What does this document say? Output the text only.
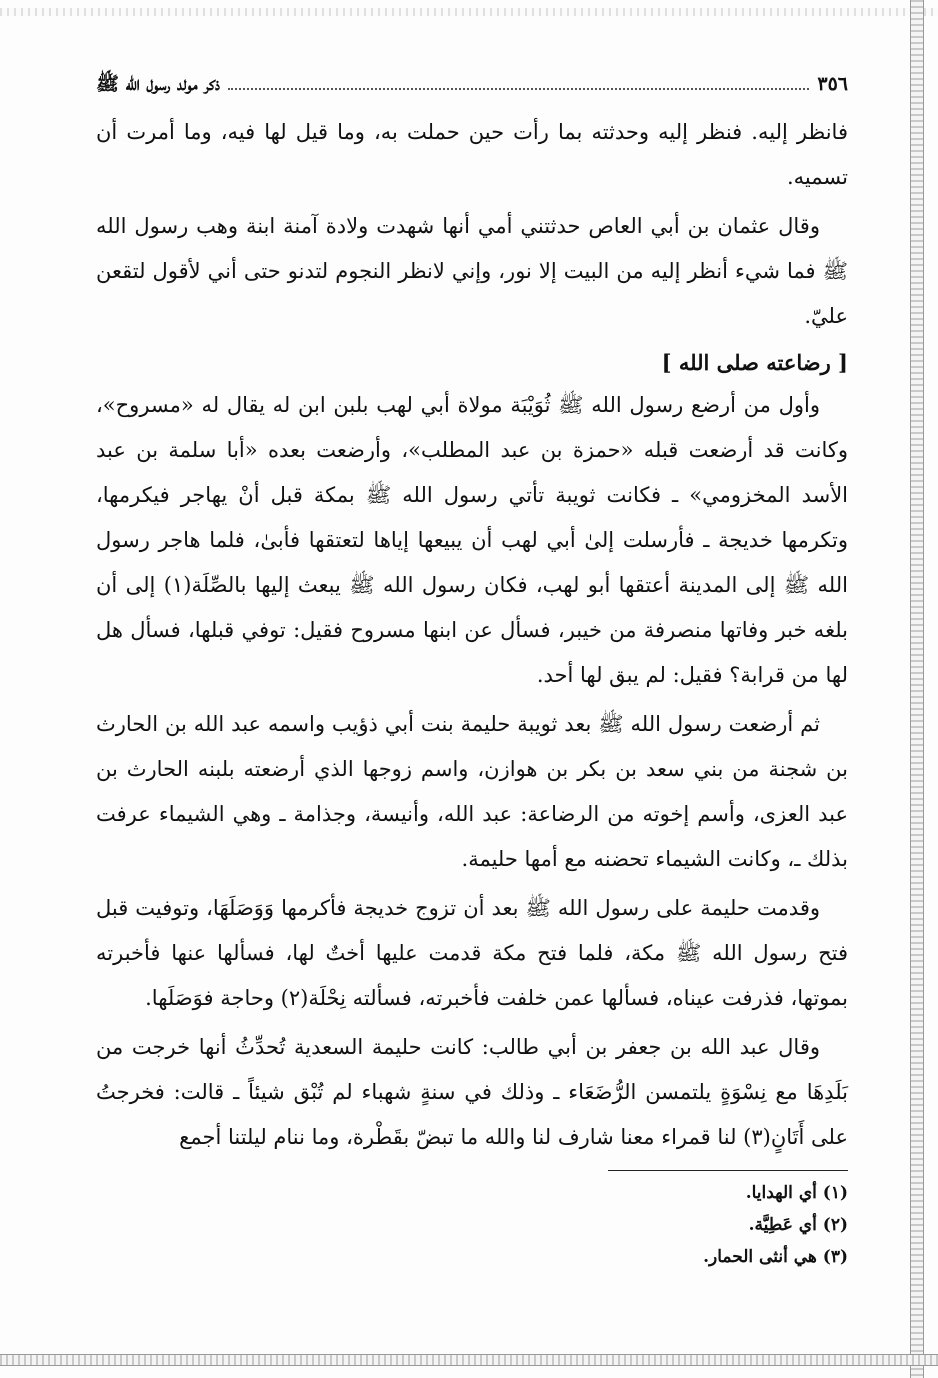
٣٥٦
ذكر مولد رسول الله ﷺ

فانظر إليه. فنظر إليه وحدثته بما رأت حين حملت به، وما قيل لها فيه، وما أمرت أن تسميه.

وقال عثمان بن أبي العاص حدثتني أمي أنها شهدت ولادة آمنة ابنة وهب رسول الله ﷺ فما شيء أنظر إليه من البيت إلا نور، وإني لانظر النجوم لتدنو حتى أني لأقول لتقعن عليّ.

[ رضاعته صلى الله ]

وأول من أرضع رسول الله ﷺ ثُوَيْبَة مولاة أبي لهب بلبن ابن له يقال له «مسروح»، وكانت قد أرضعت قبله «حمزة بن عبد المطلب»، وأرضعت بعده «أبا سلمة بن عبد الأسد المخزومي» ـ فكانت ثويبة تأتي رسول الله ﷺ بمكة قبل أنْ يهاجر فيكرمها، وتكرمها خديجة ـ فأرسلت إلىٰ أبي لهب أن يبيعها إياها لتعتقها فأبىٰ، فلما هاجر رسول الله ﷺ إلى المدينة أعتقها أبو لهب، فكان رسول الله ﷺ يبعث إليها بالصِّلَة(١) إلى أن بلغه خبر وفاتها منصرفة من خيبر، فسأل عن ابنها مسروح فقيل: توفي قبلها، فسأل هل لها من قرابة؟ فقيل: لم يبق لها أحد.

ثم أرضعت رسول الله ﷺ بعد ثويبة حليمة بنت أبي ذؤيب واسمه عبد الله بن الحارث بن شجنة من بني سعد بن بكر بن هوازن، واسم زوجها الذي أرضعته بلبنه الحارث بن عبد العزى، وأسم إخوته من الرضاعة: عبد الله، وأنيسة، وجذامة ـ وهي الشيماء عرفت بذلك ـ، وكانت الشيماء تحضنه مع أمها حليمة.

وقدمت حليمة على رسول الله ﷺ بعد أن تزوج خديجة فأكرمها وَوَصَلَهَا، وتوفيت قبل فتح رسول الله ﷺ مكة، فلما فتح مكة قدمت عليها أختٌ لها، فسألها عنها فأخبرته بموتها، فذرفت عيناه، فسألها عمن خلفت فأخبرته، فسألته نِحْلَة(٢) وحاجة فوَصَلَها.

وقال عبد الله بن جعفر بن أبي طالب: كانت حليمة السعدية تُحدِّثُ أنها خرجت من بَلَدِهَا مع نِسْوَةٍ يلتمسن الرُّضَعَاء ـ وذلك في سنةٍ شهباء لم تُبْق شيئاً ـ قالت: فخرجتُ على أَتَانٍ(٣) لنا قمراء معنا شارف لنا والله ما تبضّ بقَطْرة، وما ننام ليلتنا أجمع

(١) أي الهدايا.
(٢) أي عَطِيَّة.
(٣) هي أنثى الحمار.
